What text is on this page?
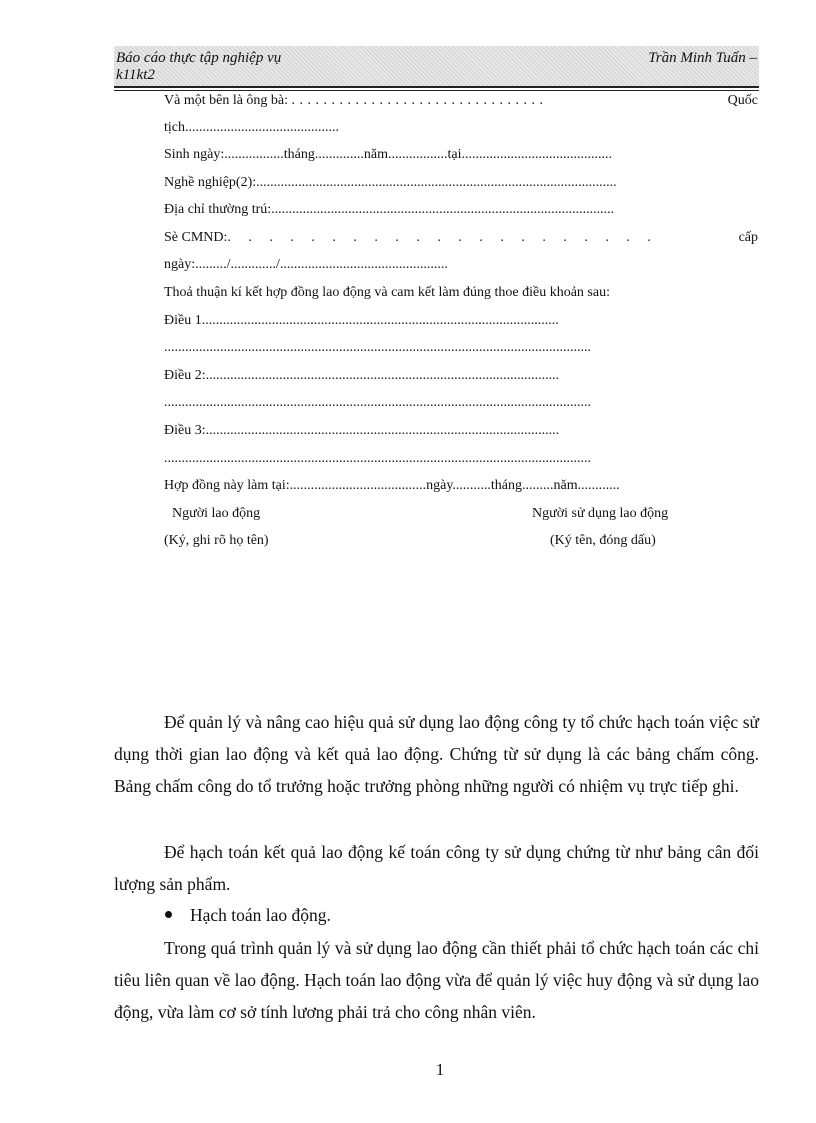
Báo cáo thực tập nghiệp vụ
k11kt2
Trần Minh Tuấn –
Và một bên là ông bà: . . . . . . . . . . . . . . . . . . . . . . . . . . . . . . . .	Quốc
tịch............................................
Sinh ngày:.................tháng..............năm.................tại...........................................
Nghề nghiệp(2):.......................................................................................................
Địa chỉ thường trú:..................................................................................................
Sè CMND:. . . . . . . . . . . . . . . . . . . . .	cấp
ngày:........./............./................................................
Thoả thuận kí kết hợp đồng lao động và cam kết làm đúng thoe điều khoản sau:
Điều 1......................................................................................................
..........................................................................................................................
Điều 2:.....................................................................................................
..........................................................................................................................
Điều 3:.....................................................................................................
..........................................................................................................................
Hợp đồng này làm tại:.......................................ngày...........tháng.........năm............
Người lao động
(Ký, ghi rõ họ tên)
Người sử dụng lao động
(Ký tên, đóng dấu)
Để quản lý và nâng cao hiệu quả sử dụng lao động công ty tổ chức hạch toán việc sử dụng thời gian lao động và kết quả lao động. Chứng từ sử dụng là các bảng chấm công. Bảng chấm công do tổ trưởng hoặc trưởng phòng những người có nhiệm vụ trực tiếp ghi.
Để hạch toán kết quả lao động kế toán công ty sử dụng chứng từ như bảng cân đối lượng sản phẩm.
Hạch toán lao động.
Trong quá trình quản lý và sử dụng lao động cần thiết phải tổ chức hạch toán các chỉ tiêu liên quan về lao động. Hạch toán lao động vừa để quản lý việc huy động và sử dụng lao động, vừa làm cơ sở tính lương phải trả cho công nhân viên.
1
